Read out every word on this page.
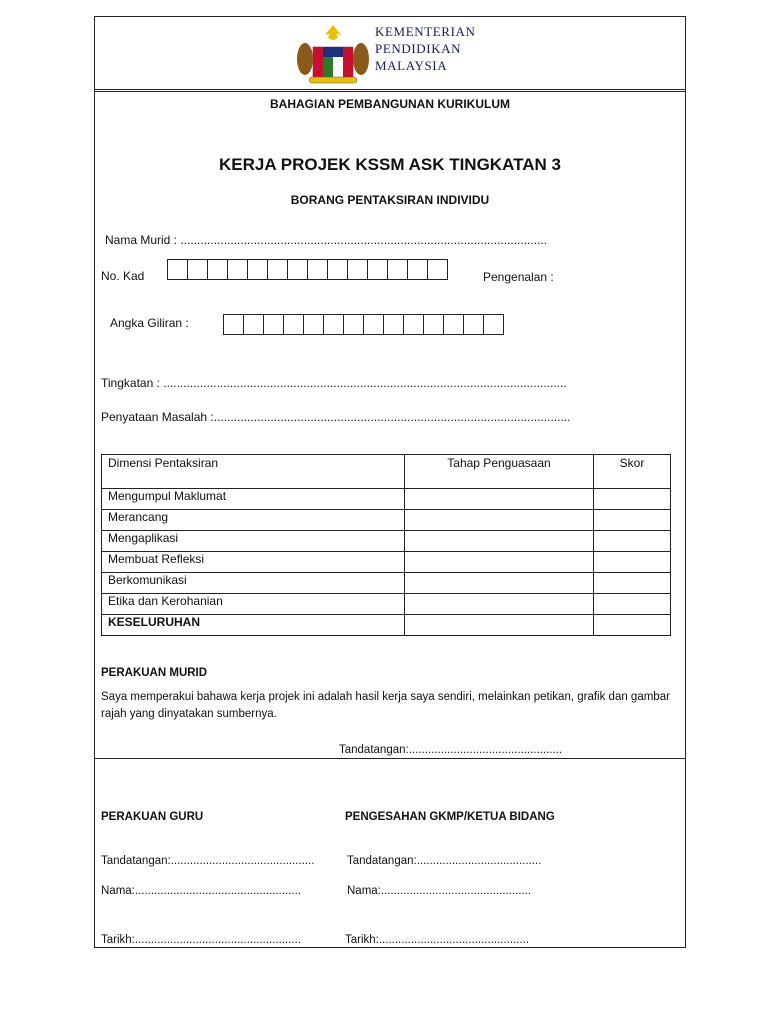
KEMENTERIAN
PENDIDIKAN
MALAYSIA
BAHAGIAN PEMBANGUNAN KURIKULUM
KERJA PROJEK KSSM ASK TINGKATAN 3
BORANG PENTAKSIRAN INDIVIDU
Nama Murid : ..............................................................................................................
No. Kad	Pengenalan :
Angka Giliran :
Tingkatan : .........................................................................................................................
Penyataan Masalah :...........................................................................................................
Dimensi Pentaksiran	Tahap Penguasaan	Skor
Mengumpul Maklumat		
Merancang		
Mengaplikasi		
Membuat Refleksi		
Berkomunikasi		
Etika dan Kerohanian		
KESELURUHAN		
PERAKUAN MURID
Saya memperakui bahawa kerja projek ini adalah hasil kerja saya sendiri, melainkan petikan, grafik dan gambar rajah yang dinyatakan sumbernya.
Tandatangan:................................................
PERAKUAN GURU	PENGESAHAN GKMP/KETUA BIDANG
Tandatangan:.............................................	Tandatangan:.......................................
Nama:....................................................	Nama:...............................................
Tarikh:....................................................	Tarikh:...............................................
